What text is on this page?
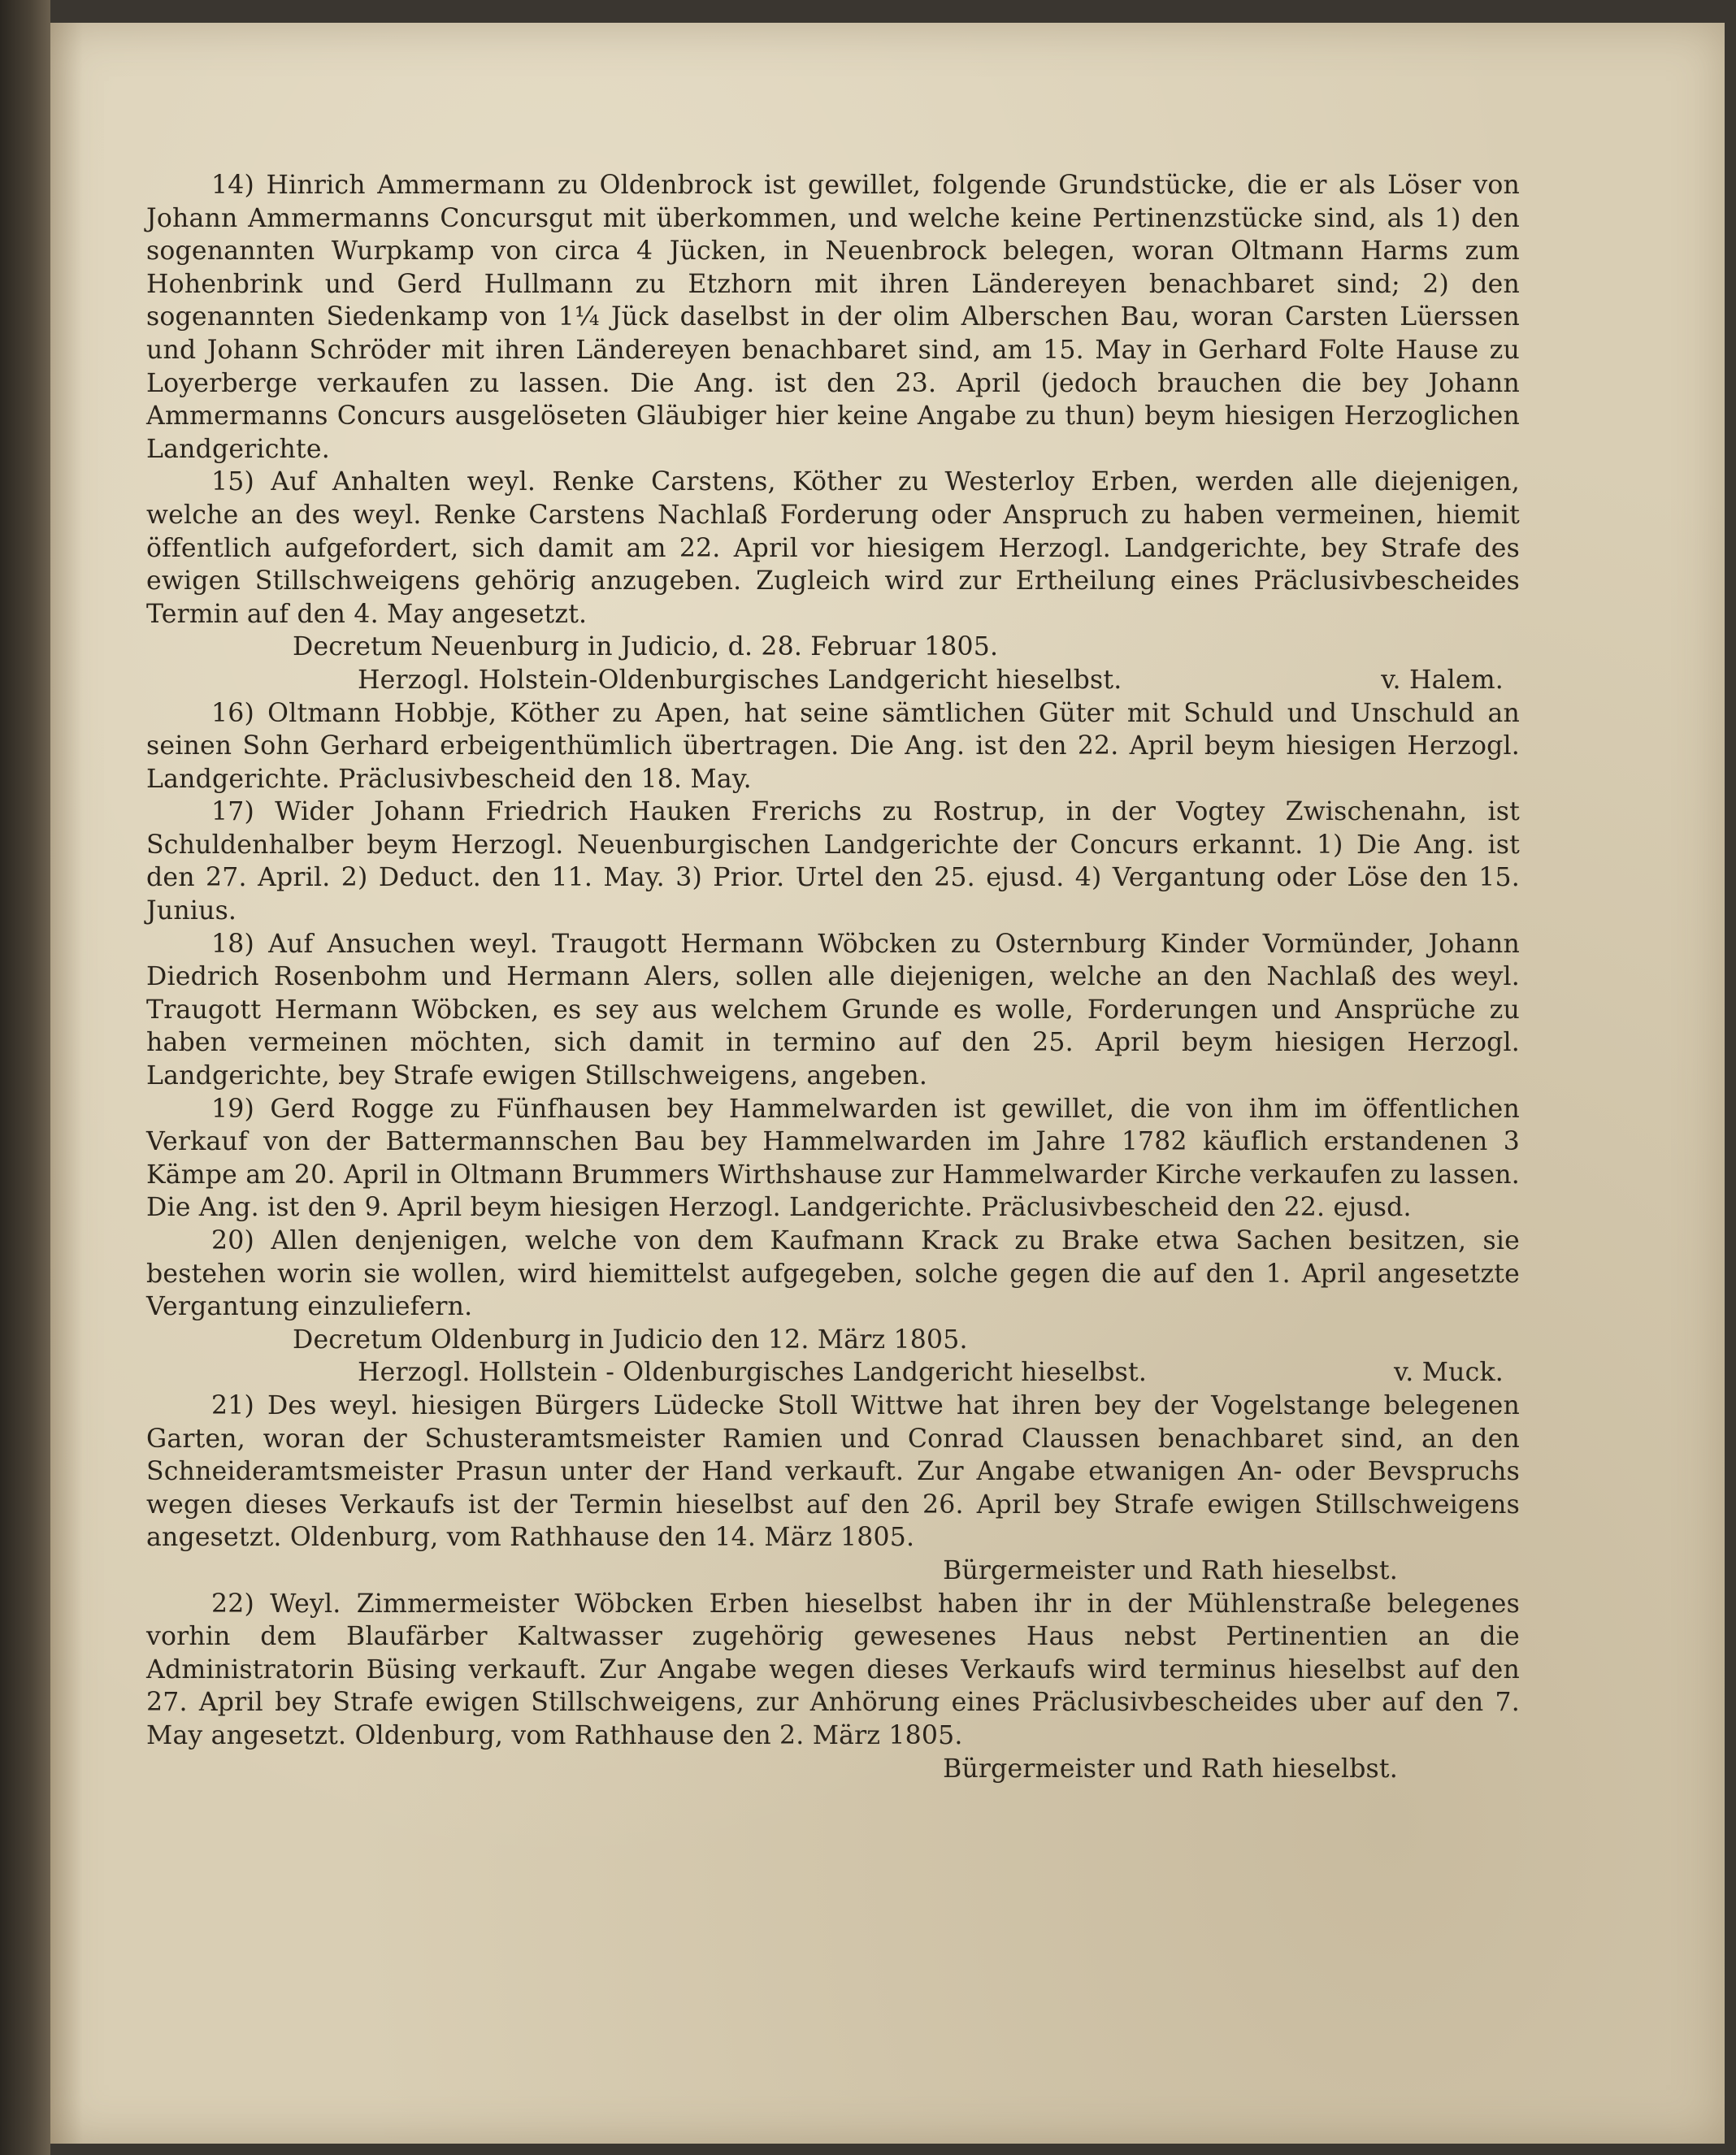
14) Hinrich Ammermann zu Oldenbrock ist gewillet, folgende Grundstücke, die er als Löser von Johann Ammermanns Concursgut mit überkommen, und welche keine Pertinenzstücke sind, als 1) den sogenannten Wurpkamp von circa 4 Jücken, in Neuenbrock belegen, woran Oltmann Harms zum Hohenbrink und Gerd Hullmann zu Etzhorn mit ihren Ländereyen benachbaret sind; 2) den sogenannten Siedenkamp von 1¼ Jück daselbst in der olim Alberschen Bau, woran Carsten Lüerssen und Johann Schröder mit ihren Ländereyen benachbaret sind, am 15. May in Gerhard Folte Hause zu Loyerberge verkaufen zu lassen. Die Ang. ist den 23. April (jedoch brauchen die bey Johann Ammermanns Concurs ausgelöseten Gläubiger hier keine Angabe zu thun) beym hiesigen Herzoglichen Landgerichte.

15) Auf Anhalten weyl. Renke Carstens, Köther zu Westerloy Erben, werden alle diejenigen, welche an des weyl. Renke Carstens Nachlaß Forderung oder Anspruch zu haben vermeinen, hiemit öffentlich aufgefordert, sich damit am 22. April vor hiesigem Herzogl. Landgerichte, bey Strafe des ewigen Stillschweigens gehörig anzugeben. Zugleich wird zur Ertheilung eines Präclusivbescheides Termin auf den 4. May angesetzt.

Decretum Neuenburg in Judicio, d. 28. Februar 1805.

Herzogl. Holstein-Oldenburgisches Landgericht hieselbst.	v. Halem.

16) Oltmann Hobbje, Köther zu Apen, hat seine sämtlichen Güter mit Schuld und Unschuld an seinen Sohn Gerhard erbeigenthümlich übertragen. Die Ang. ist den 22. April beym hiesigen Herzogl. Landgerichte. Präclusivbescheid den 18. May.

17) Wider Johann Friedrich Hauken Frerichs zu Rostrup, in der Vogtey Zwischenahn, ist Schuldenhalber beym Herzogl. Neuenburgischen Landgerichte der Concurs erkannt. 1) Die Ang. ist den 27. April. 2) Deduct. den 11. May. 3) Prior. Urtel den 25. ejusd. 4) Vergantung oder Löse den 15. Junius.

18) Auf Ansuchen weyl. Traugott Hermann Wöbcken zu Osternburg Kinder Vormünder, Johann Diedrich Rosenbohm und Hermann Alers, sollen alle diejenigen, welche an den Nachlaß des weyl. Traugott Hermann Wöbcken, es sey aus welchem Grunde es wolle, Forderungen und Ansprüche zu haben vermeinen möchten, sich damit in termino auf den 25. April beym hiesigen Herzogl. Landgerichte, bey Strafe ewigen Stillschweigens, angeben.

19) Gerd Rogge zu Fünfhausen bey Hammelwarden ist gewillet, die von ihm im öffentlichen Verkauf von der Battermannschen Bau bey Hammelwarden im Jahre 1782 käuflich erstandenen 3 Kämpe am 20. April in Oltmann Brummers Wirthshause zur Hammelwarder Kirche verkaufen zu lassen. Die Ang. ist den 9. April beym hiesigen Herzogl. Landgerichte. Präclusivbescheid den 22. ejusd.

20) Allen denjenigen, welche von dem Kaufmann Krack zu Brake etwa Sachen besitzen, sie bestehen worin sie wollen, wird hiemittelst aufgegeben, solche gegen die auf den 1. April angesetzte Vergantung einzuliefern.

Decretum Oldenburg in Judicio den 12. März 1805.

Herzogl. Hollstein - Oldenburgisches Landgericht hieselbst.	v. Muck.

21) Des weyl. hiesigen Bürgers Lüdecke Stoll Wittwe hat ihren bey der Vogelstange belegenen Garten, woran der Schusteramtsmeister Ramien und Conrad Claussen benachbaret sind, an den Schneideramtsmeister Prasun unter der Hand verkauft. Zur Angabe etwanigen An- oder Bevspruchs wegen dieses Verkaufs ist der Termin hieselbst auf den 26. April bey Strafe ewigen Stillschweigens angesetzt. Oldenburg, vom Rathhause den 14. März 1805.

Bürgermeister und Rath hieselbst.

22) Weyl. Zimmermeister Wöbcken Erben hieselbst haben ihr in der Mühlenstraße belegenes vorhin dem Blaufärber Kaltwasser zugehörig gewesenes Haus nebst Pertinentien an die Administratorin Büsing verkauft. Zur Angabe wegen dieses Verkaufs wird terminus hieselbst auf den 27. April bey Strafe ewigen Stillschweigens, zur Anhörung eines Präclusivbescheides uber auf den 7. May angesetzt. Oldenburg, vom Rathhause den 2. März 1805.

Bürgermeister und Rath hieselbst.
